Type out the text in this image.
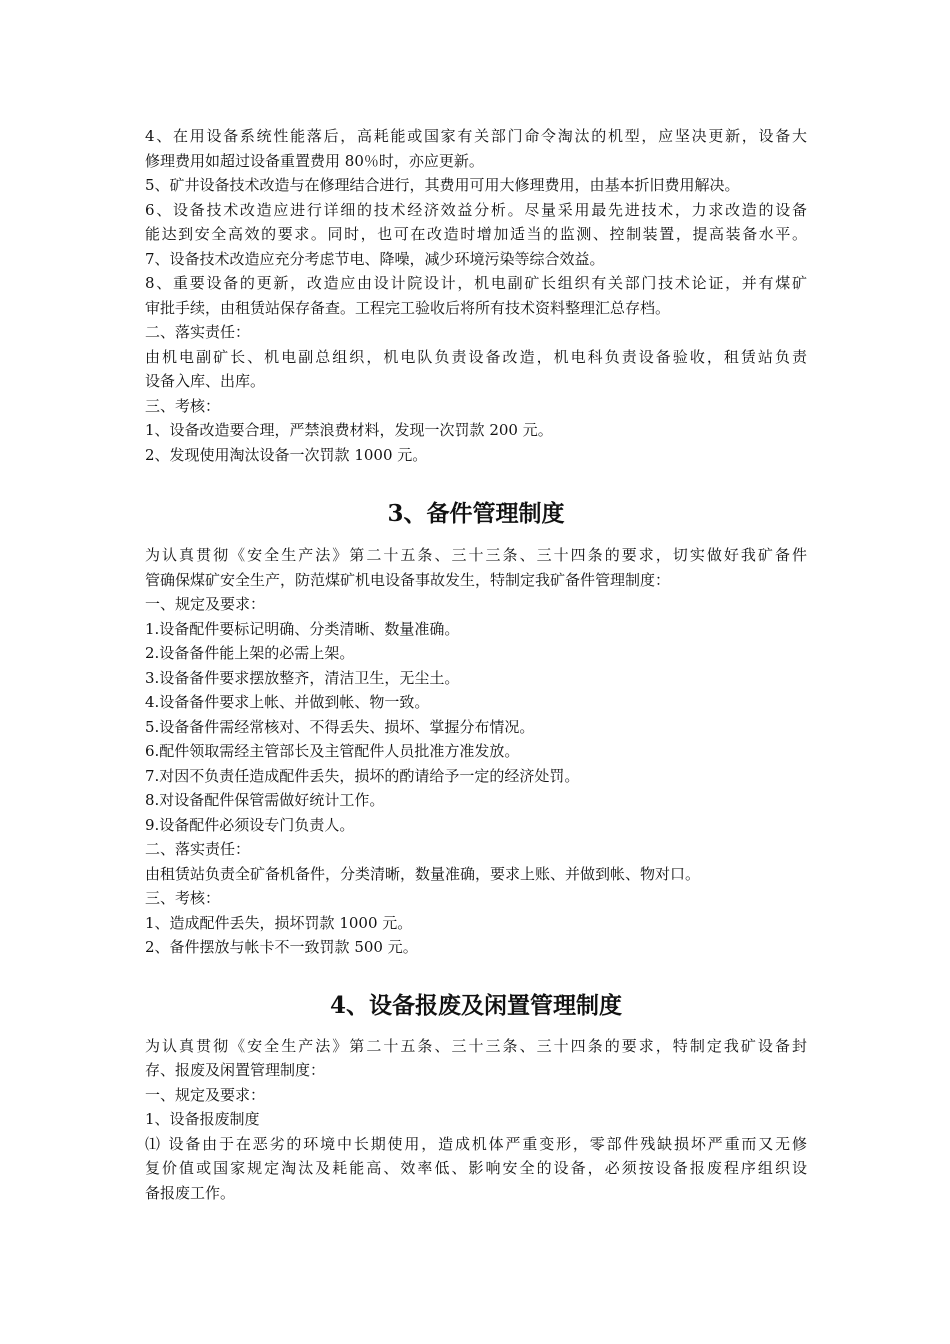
4、在用设备系统性能落后，高耗能或国家有关部门命令淘汰的机型，应坚决更新，设备大
修理费用如超过设备重置费用 80％时，亦应更新。
5、矿井设备技术改造与在修理结合进行，其费用可用大修理费用，由基本折旧费用解决。
6、设备技术改造应进行详细的技术经济效益分析。尽量采用最先进技术，力求改造的设备
能达到安全高效的要求。同时，也可在改造时增加适当的监测、控制装置，提高装备水平。
7、设备技术改造应充分考虑节电、降噪，减少环境污染等综合效益。
8、重要设备的更新，改造应由设计院设计，机电副矿长组织有关部门技术论证，并有煤矿
审批手续，由租赁站保存备查。工程完工验收后将所有技术资料整理汇总存档。
二、落实责任：
由机电副矿长、机电副总组织，机电队负责设备改造，机电科负责设备验收，租赁站负责
设备入库、出库。
三、考核：
1、设备改造要合理，严禁浪费材料，发现一次罚款 200 元。
2、发现使用淘汰设备一次罚款 1000 元。
3、备件管理制度
为认真贯彻《安全生产法》第二十五条、三十三条、三十四条的要求，切实做好我矿备件
管确保煤矿安全生产，防范煤矿机电设备事故发生，特制定我矿备件管理制度：
一、规定及要求：
1.设备配件要标记明确、分类清晰、数量准确。
2.设备备件能上架的必需上架。
3.设备备件要求摆放整齐，清洁卫生，无尘土。
4.设备备件要求上帐、并做到帐、物一致。
5.设备备件需经常核对、不得丢失、损坏、掌握分布情况。
6.配件领取需经主管部长及主管配件人员批准方准发放。
7.对因不负责任造成配件丢失，损坏的酌请给予一定的经济处罚。
8.对设备配件保管需做好统计工作。
9.设备配件必须设专门负责人。
二、落实责任：
由租赁站负责全矿备机备件，分类清晰，数量准确，要求上账、并做到帐、物对口。
三、考核：
1、造成配件丢失，损坏罚款 1000 元。
2、备件摆放与帐卡不一致罚款 500 元。
4、设备报废及闲置管理制度
为认真贯彻《安全生产法》第二十五条、三十三条、三十四条的要求，特制定我矿设备封
存、报废及闲置管理制度：
一、规定及要求：
1、设备报废制度
⑴ 设备由于在恶劣的环境中长期使用，造成机体严重变形，零部件残缺损坏严重而又无修
复价值或国家规定淘汰及耗能高、效率低、影响安全的设备，必须按设备报废程序组织设
备报废工作。
